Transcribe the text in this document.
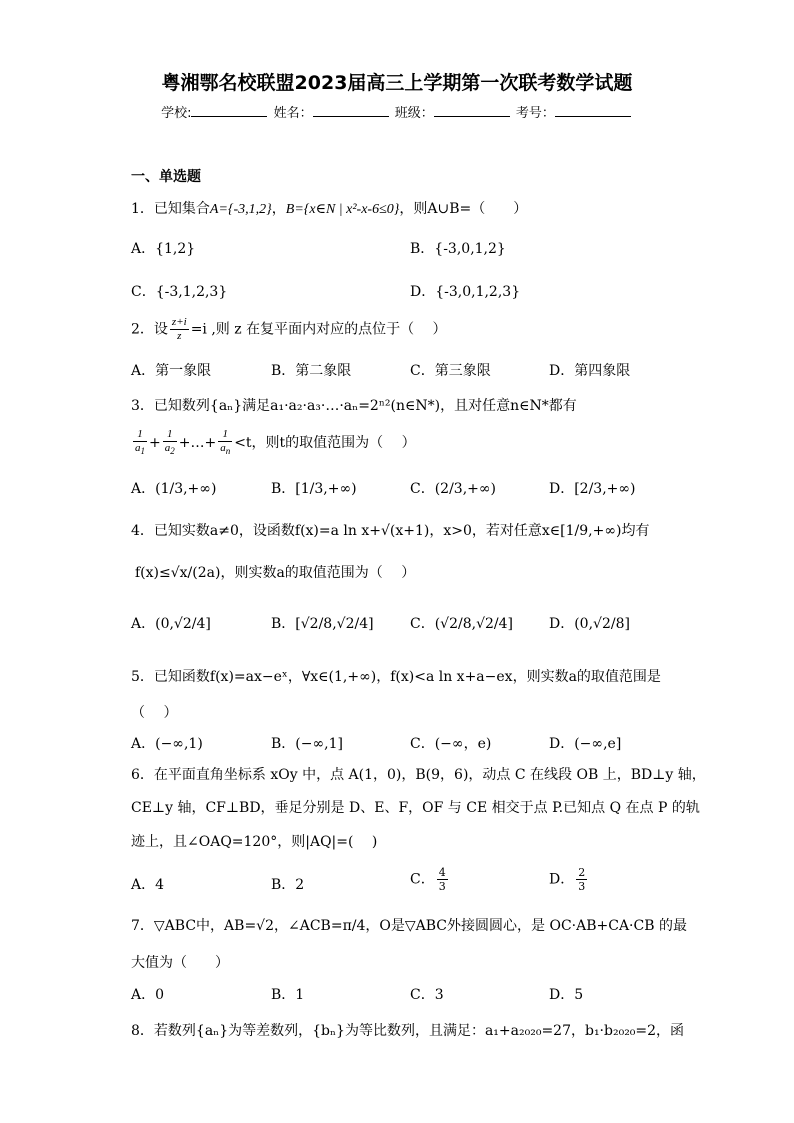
粤湘鄂名校联盟2023届高三上学期第一次联考数学试题
学校:	姓名：	班级：	考号：
一、单选题
1．已知集合A={-3,1,2}，B={x∈N | x²-x-6≤0}，则A∪B=（　　）
A．{1,2}	B．{-3,0,1,2}
C．{-3,1,2,3}	D．{-3,0,1,2,3}
2．设 $\frac{z+i}{z} =i$ ,则 z 在复平面内对应的点位于（　 ）
A．第一象限	B．第二象限	C．第三象限	D．第四象限
3．已知数列{aₙ}满足a₁·a₂·a₃·…·aₙ=2ⁿ²(n∈N*)，且对任意n∈N*都有
$\frac{1}{a_1} + \frac{1}{a_2}$ +…+ $\frac{1}{a_n} <t$，则t的取值范围为（　 ）
A．(1/3,+∞)	B．[1/3,+∞)	C．(2/3,+∞)	D．[2/3,+∞)
4．已知实数a≠0，设函数f(x)=a ln x+√(x+1)，x>0，若对任意x∈[1/9,+∞)均有
f(x)≤√x/(2a)，则实数a的取值范围为（　 ）
A．(0,√2/4]	B．[√2/8,√2/4]	C．(√2/8,√2/4]	D．(0,√2/8]
5．已知函数f(x)=ax−eˣ，∀x∈(1,+∞)，f(x)<a ln x+a−ex，则实数a的取值范围是
（　 ）
A．(−∞,1)	B．(−∞,1]	C．(−∞，e)	D．(−∞,e]
6．在平面直角坐标系 xOy 中，点 A(1，0)，B(9，6)，动点 C 在线段 OB 上，BD⊥y 轴，
CE⊥y 轴，CF⊥BD，垂足分别是 D、E、F，OF 与 CE 相交于点 P.已知点 Q 在点 P 的轨
迹上，且∠OAQ=120°，则|AQ|=(　 )
A．4	B．2	C． $\frac{4}{3}$	D． $\frac{2}{3}$
7．▽ABC中，AB=√2，∠ACB=π/4，O是▽ABC外接圆圆心，是 OC·AB+CA·CB 的最
大值为（　　）
A．0	B．1	C．3	D．5
8．若数列{aₙ}为等差数列，{bₙ}为等比数列，且满足：a₁+a₂₀₂₀=27，b₁·b₂₀₂₀=2，函
